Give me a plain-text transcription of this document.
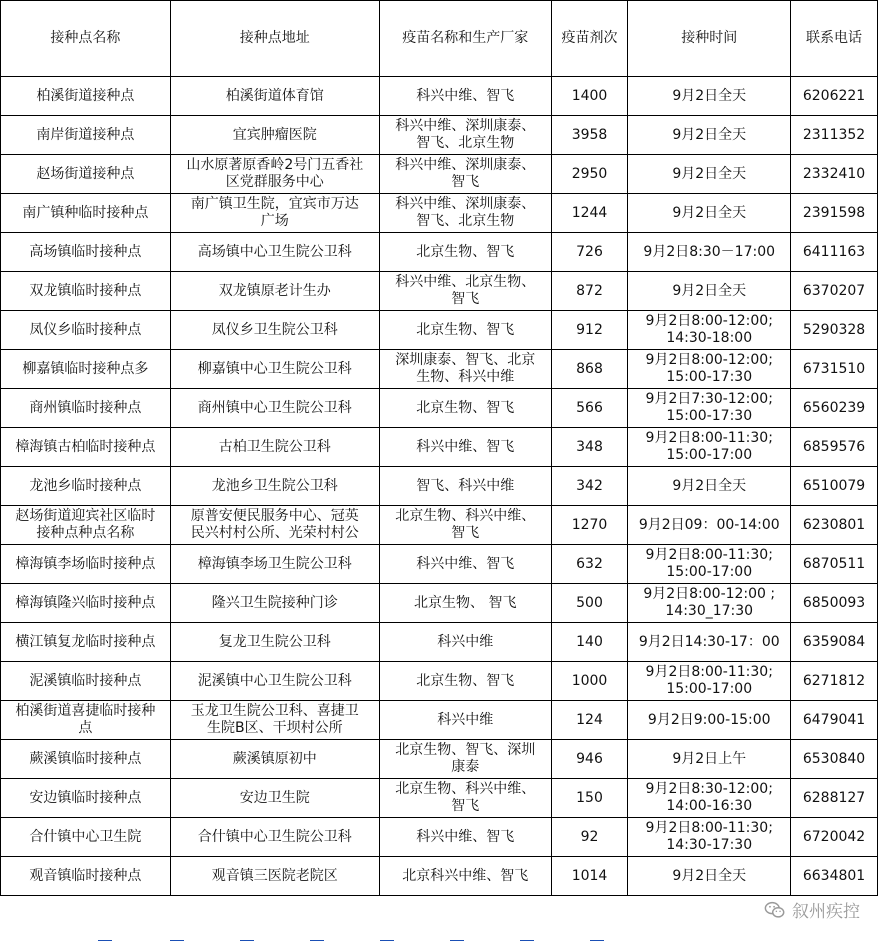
接种点名称	接种点地址	疫苗名称和生产厂家	疫苗剂次	接种时间	联系电话
柏溪街道接种点	柏溪街道体育馆	科兴中维、智飞	1400	9月2日全天	6206221
南岸街道接种点	宜宾肿瘤医院	科兴中维、深圳康泰、
智飞、北京生物	3958	9月2日全天	2311352
赵场街道接种点	山水原著原香岭2号门五香社
区党群服务中心	科兴中维、深圳康泰、
智飞	2950	9月2日全天	2332410
南广镇种临时接种点	南广镇卫生院，宜宾市万达
广场	科兴中维、深圳康泰、
智飞、北京生物	1244	9月2日全天	2391598
高场镇临时接种点	高场镇中心卫生院公卫科	北京生物、智飞	726	9月2日8:30－17:00	6411163
双龙镇临时接种点	双龙镇原老计生办	科兴中维、北京生物、
智飞	872	9月2日全天	6370207
凤仪乡临时接种点	凤仪乡卫生院公卫科	北京生物、智飞	912	9月2日8:00-12:00;
14:30-18:00	5290328
柳嘉镇临时接种点多	柳嘉镇中心卫生院公卫科	深圳康泰、智飞、北京
生物、科兴中维	868	9月2日8:00-12:00;
15:00-17:30	6731510
商州镇临时接种点	商州镇中心卫生院公卫科	北京生物、智飞	566	9月2日7:30-12:00;
15:00-17:30	6560239
樟海镇古柏临时接种点	古柏卫生院公卫科	科兴中维、智飞	348	9月2日8:00-11:30;
15:00-17:00	6859576
龙池乡临时接种点	龙池乡卫生院公卫科	智飞、科兴中维	342	9月2日全天	6510079
赵场街道迎宾社区临时
接种点种点名称	原普安便民服务中心、冠英
民兴村村公所、光荣村村公	北京生物、科兴中维、
智飞	1270	9月2日09：00-14:00	6230801
樟海镇李场临时接种点	樟海镇李场卫生院公卫科	科兴中维、智飞	632	9月2日8:00-11:30;
15:00-17:00	6870511
樟海镇隆兴临时接种点	隆兴卫生院接种门诊	北京生物、 智飞	500	9月2日8:00-12:00 ;
14:30_17:30	6850093
横江镇复龙临时接种点	复龙卫生院公卫科	科兴中维	140	9月2日14:30-17：00	6359084
泥溪镇临时接种点	泥溪镇中心卫生院公卫科	北京生物、智飞	1000	9月2日8:00-11:30;
15:00-17:00	6271812
柏溪街道喜捷临时接种
点	玉龙卫生院公卫科、喜捷卫
生院B区、干坝村公所	科兴中维	124	9月2日9:00-15:00	6479041
蕨溪镇临时接种点	蕨溪镇原初中	北京生物、智飞、深圳
康泰	946	9月2日上午	6530840
安边镇临时接种点	安边卫生院	北京生物、科兴中维、
智飞	150	9月2日8:30-12:00;
14:00-16:30	6288127
合什镇中心卫生院	合什镇中心卫生院公卫科	科兴中维、智飞	92	9月2日8:00-11:30;
14:30-17:30	6720042
观音镇临时接种点	观音镇三医院老院区	北京科兴中维、智飞	1014	9月2日全天	6634801
叙州疾控
